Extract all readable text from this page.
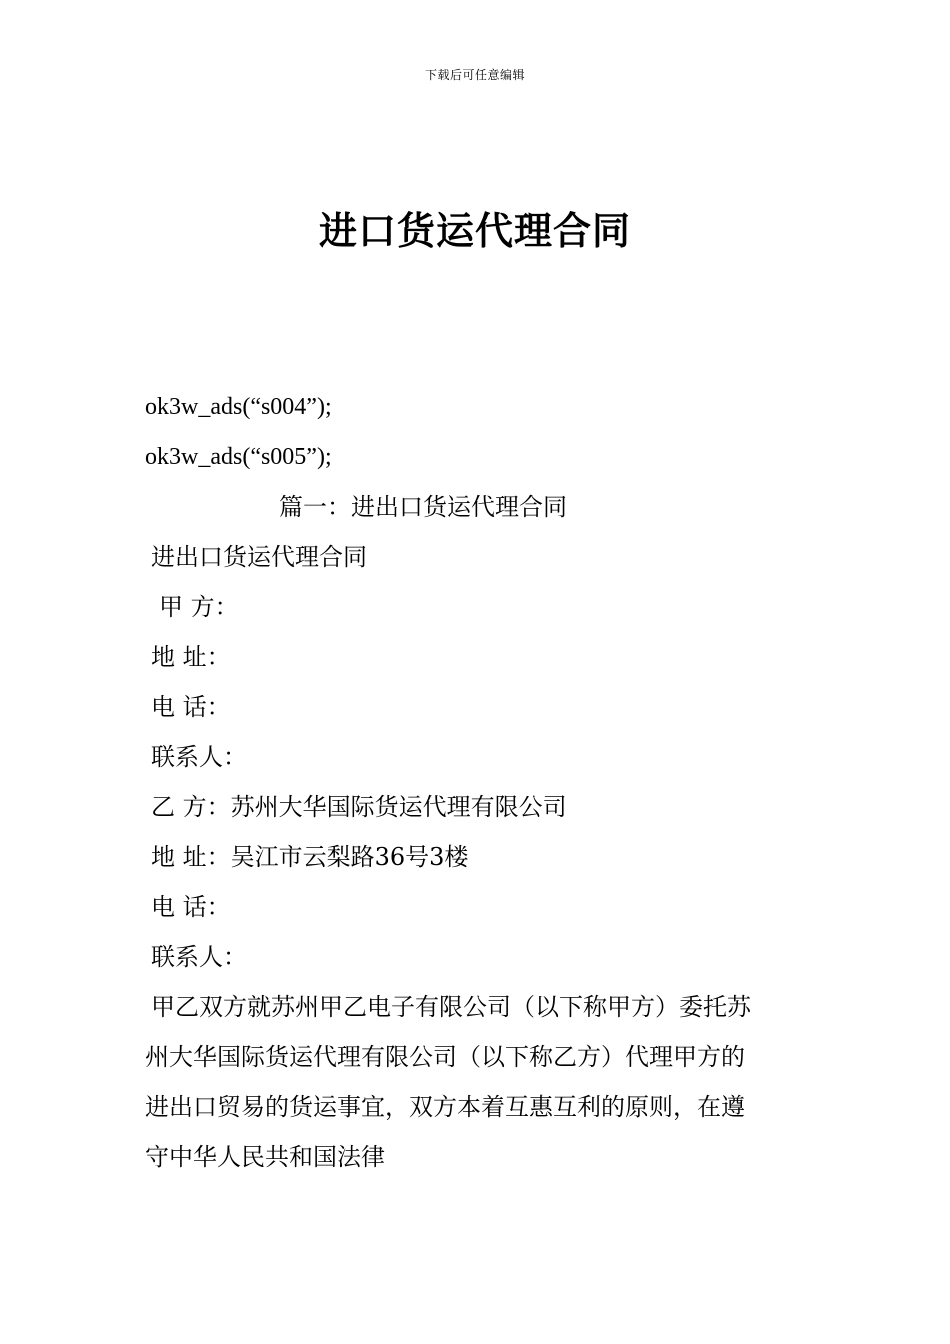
下载后可任意编辑
进口货运代理合同
ok3w_ads(“s004”);
ok3w_ads(“s005”);
篇一：进出口货运代理合同
进出口货运代理合同
甲 方：
地 址：
电 话：
联系人：
乙 方：苏州大华国际货运代理有限公司
地 址：吴江市云梨路36号3楼
电 话：
联系人：
甲乙双方就苏州甲乙电子有限公司（以下称甲方）委托苏
州大华国际货运代理有限公司（以下称乙方）代理甲方的
进出口贸易的货运事宜，双方本着互惠互利的原则，在遵
守中华人民共和国法律
